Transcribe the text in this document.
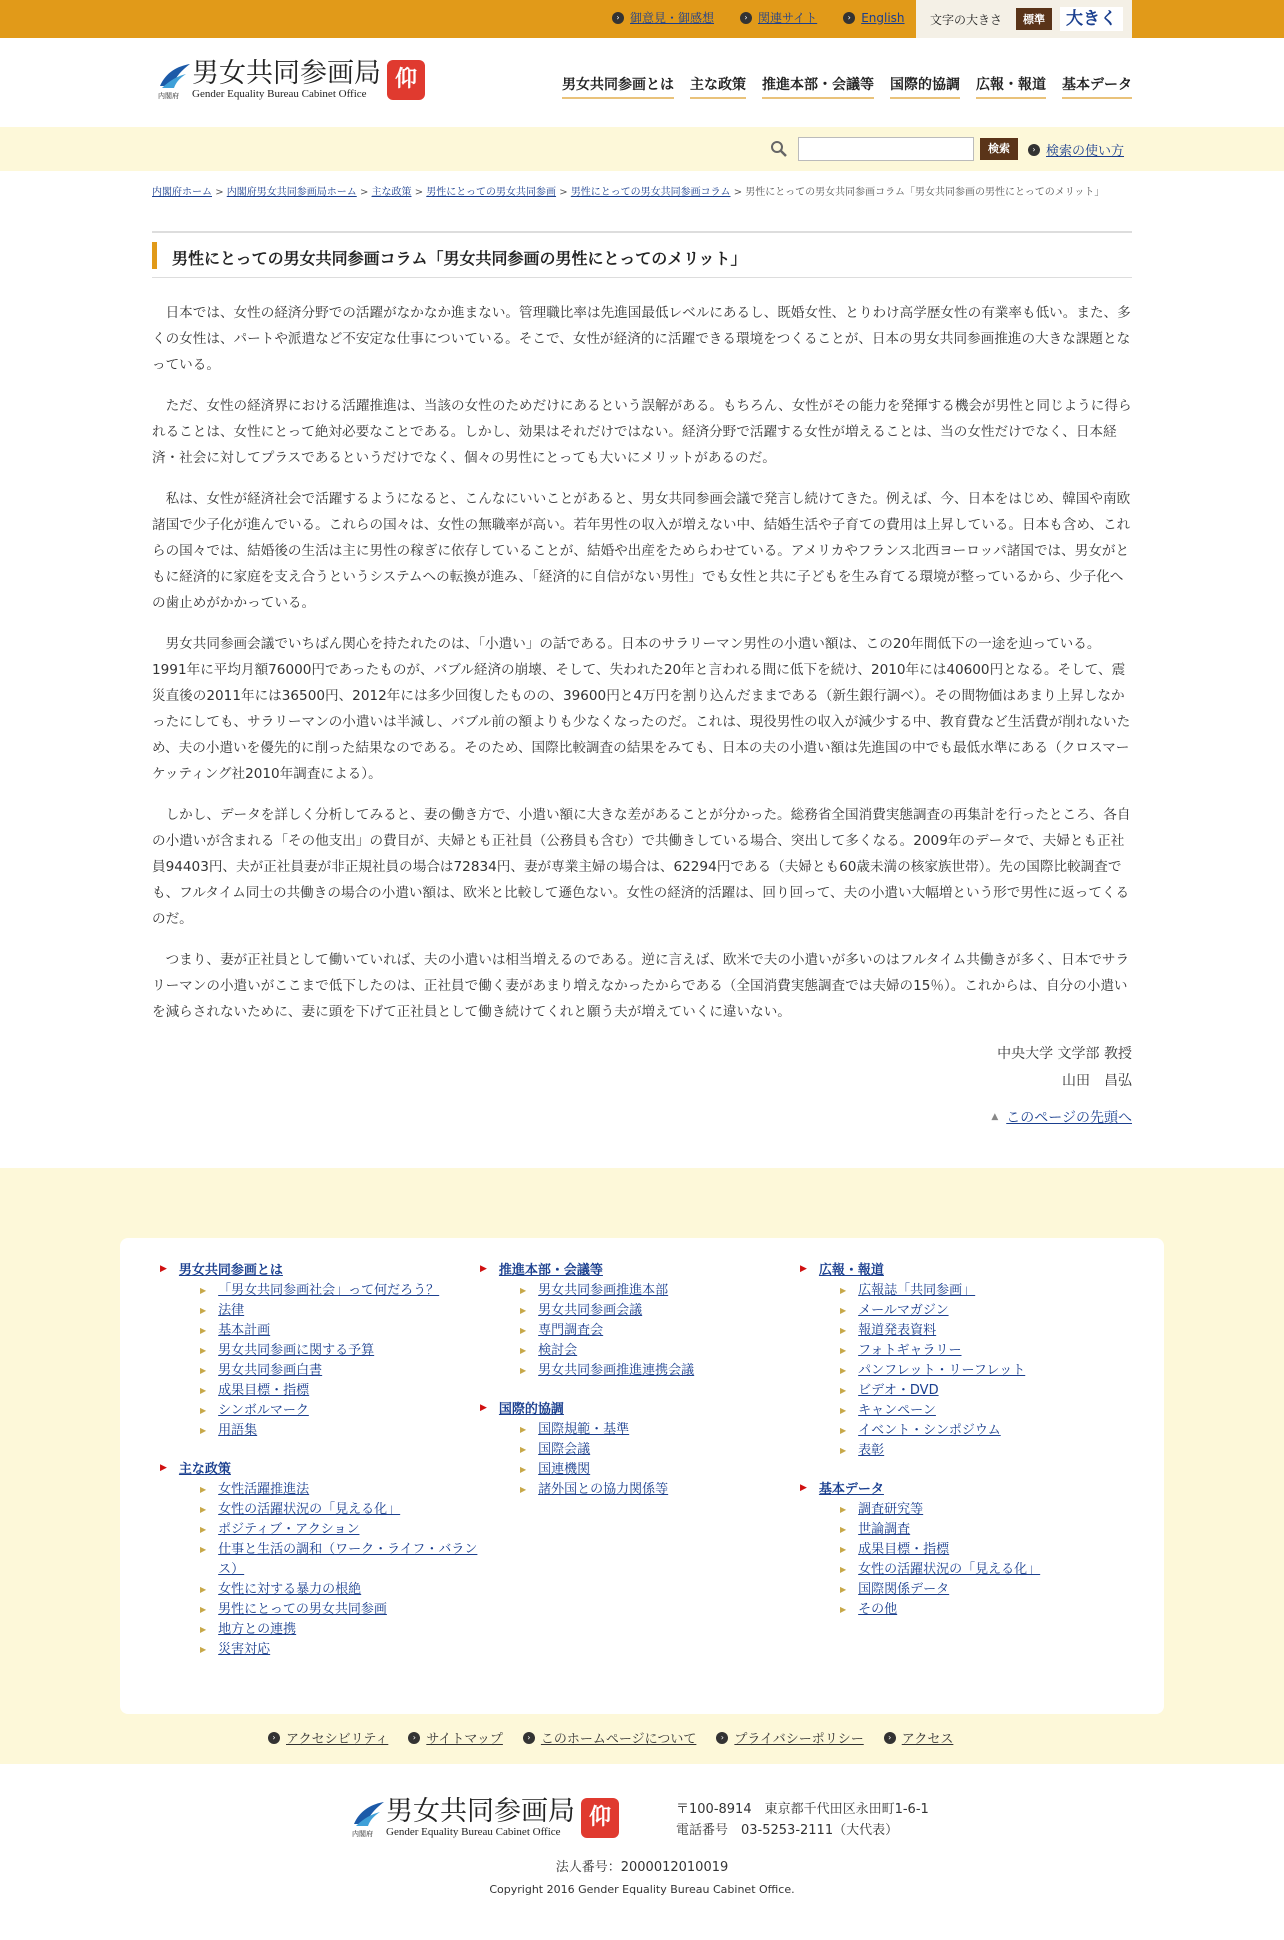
› 御意見・御感想	› 関連サイト	› English 文字の大きさ	標準	大きく
内閣府
男女共同参画局
Gender Equality Bureau Cabinet Office
仰	男女共同参画とは 主な政策 推進本部・会議等 国際的協調 広報・報道 基本データ
検索	› 検索の使い方
内閣府ホーム > 内閣府男女共同参画局ホーム > 主な政策 > 男性にとっての男女共同参画 > 男性にとっての男女共同参画コラム > 男性にとっての男女共同参画コラム「男女共同参画の男性にとってのメリット」
男性にとっての男女共同参画コラム「男女共同参画の男性にとってのメリット」

日本では、女性の経済分野での活躍がなかなか進まない。管理職比率は先進国最低レベルにあるし、既婚女性、とりわけ高学歴女性の有業率も低い。また、多くの女性は、パートや派遣など不安定な仕事についている。そこで、女性が経済的に活躍できる環境をつくることが、日本の男女共同参画推進の大きな課題となっている。

ただ、女性の経済界における活躍推進は、当該の女性のためだけにあるという誤解がある。もちろん、女性がその能力を発揮する機会が男性と同じように得られることは、女性にとって絶対必要なことである。しかし、効果はそれだけではない。経済分野で活躍する女性が増えることは、当の女性だけでなく、日本経済・社会に対してプラスであるというだけでなく、個々の男性にとっても大いにメリットがあるのだ。

私は、女性が経済社会で活躍するようになると、こんなにいいことがあると、男女共同参画会議で発言し続けてきた。例えば、今、日本をはじめ、韓国や南欧諸国で少子化が進んでいる。これらの国々は、女性の無職率が高い。若年男性の収入が増えない中、結婚生活や子育ての費用は上昇している。日本も含め、これらの国々では、結婚後の生活は主に男性の稼ぎに依存していることが、結婚や出産をためらわせている。アメリカやフランス北西ヨーロッパ諸国では、男女がともに経済的に家庭を支え合うというシステムへの転換が進み、「経済的に自信がない男性」でも女性と共に子どもを生み育てる環境が整っているから、少子化への歯止めがかかっている。

男女共同参画会議でいちばん関心を持たれたのは、「小遣い」の話である。日本のサラリーマン男性の小遣い額は、この20年間低下の一途を辿っている。1991年に平均月額76000円であったものが、バブル経済の崩壊、そして、失われた20年と言われる間に低下を続け、2010年には40600円となる。そして、震災直後の2011年には36500円、2012年には多少回復したものの、39600円と4万円を割り込んだままである（新生銀行調べ）。その間物価はあまり上昇しなかったにしても、サラリーマンの小遣いは半減し、バブル前の額よりも少なくなったのだ。これは、現役男性の収入が減少する中、教育費など生活費が削れないため、夫の小遣いを優先的に削った結果なのである。そのため、国際比較調査の結果をみても、日本の夫の小遣い額は先進国の中でも最低水準にある（クロスマーケッティング社2010年調査による）。

しかし、データを詳しく分析してみると、妻の働き方で、小遣い額に大きな差があることが分かった。総務省全国消費実態調査の再集計を行ったところ、各自の小遣いが含まれる「その他支出」の費目が、夫婦とも正社員（公務員も含む）で共働きしている場合、突出して多くなる。2009年のデータで、夫婦とも正社員94403円、夫が正社員妻が非正規社員の場合は72834円、妻が専業主婦の場合は、62294円である（夫婦とも60歳未満の核家族世帯）。先の国際比較調査でも、フルタイム同士の共働きの場合の小遣い額は、欧米と比較して遜色ない。女性の経済的活躍は、回り回って、夫の小遣い大幅増という形で男性に返ってくるのだ。

つまり、妻が正社員として働いていれば、夫の小遣いは相当増えるのである。逆に言えば、欧米で夫の小遣いが多いのはフルタイム共働きが多く、日本でサラリーマンの小遣いがここまで低下したのは、正社員で働く妻があまり増えなかったからである（全国消費実態調査では夫婦の15％）。これからは、自分の小遣いを減らされないために、妻に頭を下げて正社員として働き続けてくれと願う夫が増えていくに違いない。

中央大学 文学部 教授
山田　昌弘
▲ このページの先頭へ
▶ 男女共同参画とは
▶ 「男女共同参画社会」って何だろう？
▶ 法律
▶ 基本計画
▶ 男女共同参画に関する予算
▶ 男女共同参画白書
▶ 成果目標・指標
▶ シンボルマーク
▶ 用語集
▶ 主な政策
▶ 女性活躍推進法
▶ 女性の活躍状況の「見える化」
▶ ポジティブ・アクション
▶ 仕事と生活の調和（ワーク・ライフ・バランス）
▶ 女性に対する暴力の根絶
▶ 男性にとっての男女共同参画
▶ 地方との連携
▶ 災害対応
▶ 推進本部・会議等
▶ 男女共同参画推進本部
▶ 男女共同参画会議
▶ 専門調査会
▶ 検討会
▶ 男女共同参画推進連携会議
▶ 国際的協調
▶ 国際規範・基準
▶ 国際会議
▶ 国連機関
▶ 諸外国との協力関係等
▶ 広報・報道
▶ 広報誌「共同参画」
▶ メールマガジン
▶ 報道発表資料
▶ フォトギャラリー
▶ パンフレット・リーフレット
▶ ビデオ・DVD
▶ キャンペーン
▶ イベント・シンポジウム
▶ 表彰
▶ 基本データ
▶ 調査研究等
▶ 世論調査
▶ 成果目標・指標
▶ 女性の活躍状況の「見える化」
▶ 国際関係データ
▶ その他
› アクセシビリティ	› サイトマップ	› このホームページについて	› プライバシーポリシー	› アクセス
内閣府
男女共同参画局
Gender Equality Bureau Cabinet Office
仰	〒100-8914　東京都千代田区永田町1-6-1
電話番号　03-5253-2111（大代表）
法人番号：2000012010019
Copyright 2016 Gender Equality Bureau Cabinet Office.
